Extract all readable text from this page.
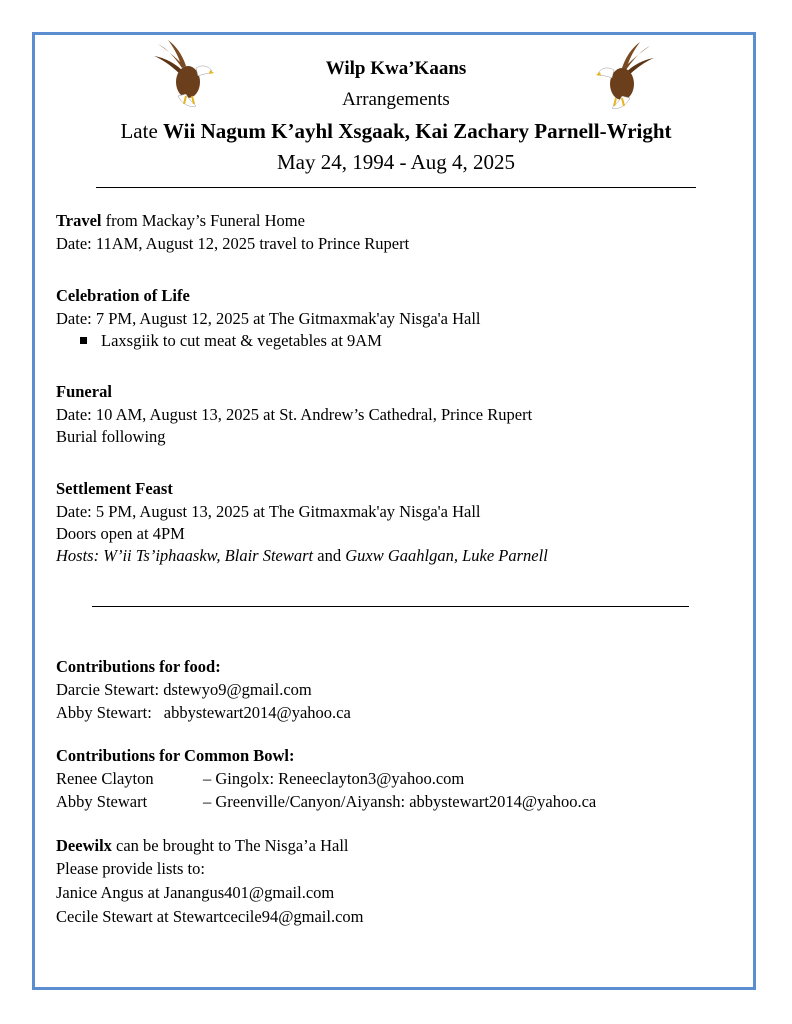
Wilp Kwa’Kaans
Arrangements
Late Wii Nagum K’ayhl Xsgaak, Kai Zachary Parnell-Wright
May 24, 1994 - Aug 4, 2025
Travel from Mackay’s Funeral Home
Date: 11AM, August 12, 2025 travel to Prince Rupert
Celebration of Life
Date: 7 PM, August 12, 2025 at The Gitmaxmak'ay Nisga'a Hall
Laxsgiik to cut meat & vegetables at 9AM
Funeral
Date: 10 AM, August 13, 2025 at St. Andrew’s Cathedral, Prince Rupert
Burial following
Settlement Feast
Date: 5 PM, August 13, 2025 at The Gitmaxmak'ay Nisga'a Hall
Doors open at 4PM
Hosts: W’ii Ts’iphaaskw, Blair Stewart and Guxw Gaahlgan, Luke Parnell
Contributions for food:
Darcie Stewart: dstewyo9@gmail.com
Abby Stewart: abbystewart2014@yahoo.ca
Contributions for Common Bowl:
Renee Clayton	– Gingolx: Reneeclayton3@yahoo.com
Abby Stewart	– Greenville/Canyon/Aiyansh: abbystewart2014@yahoo.ca
Deewilx can be brought to The Nisga’a Hall
Please provide lists to:
Janice Angus at Janangus401@gmail.com
Cecile Stewart at Stewartcecile94@gmail.com
